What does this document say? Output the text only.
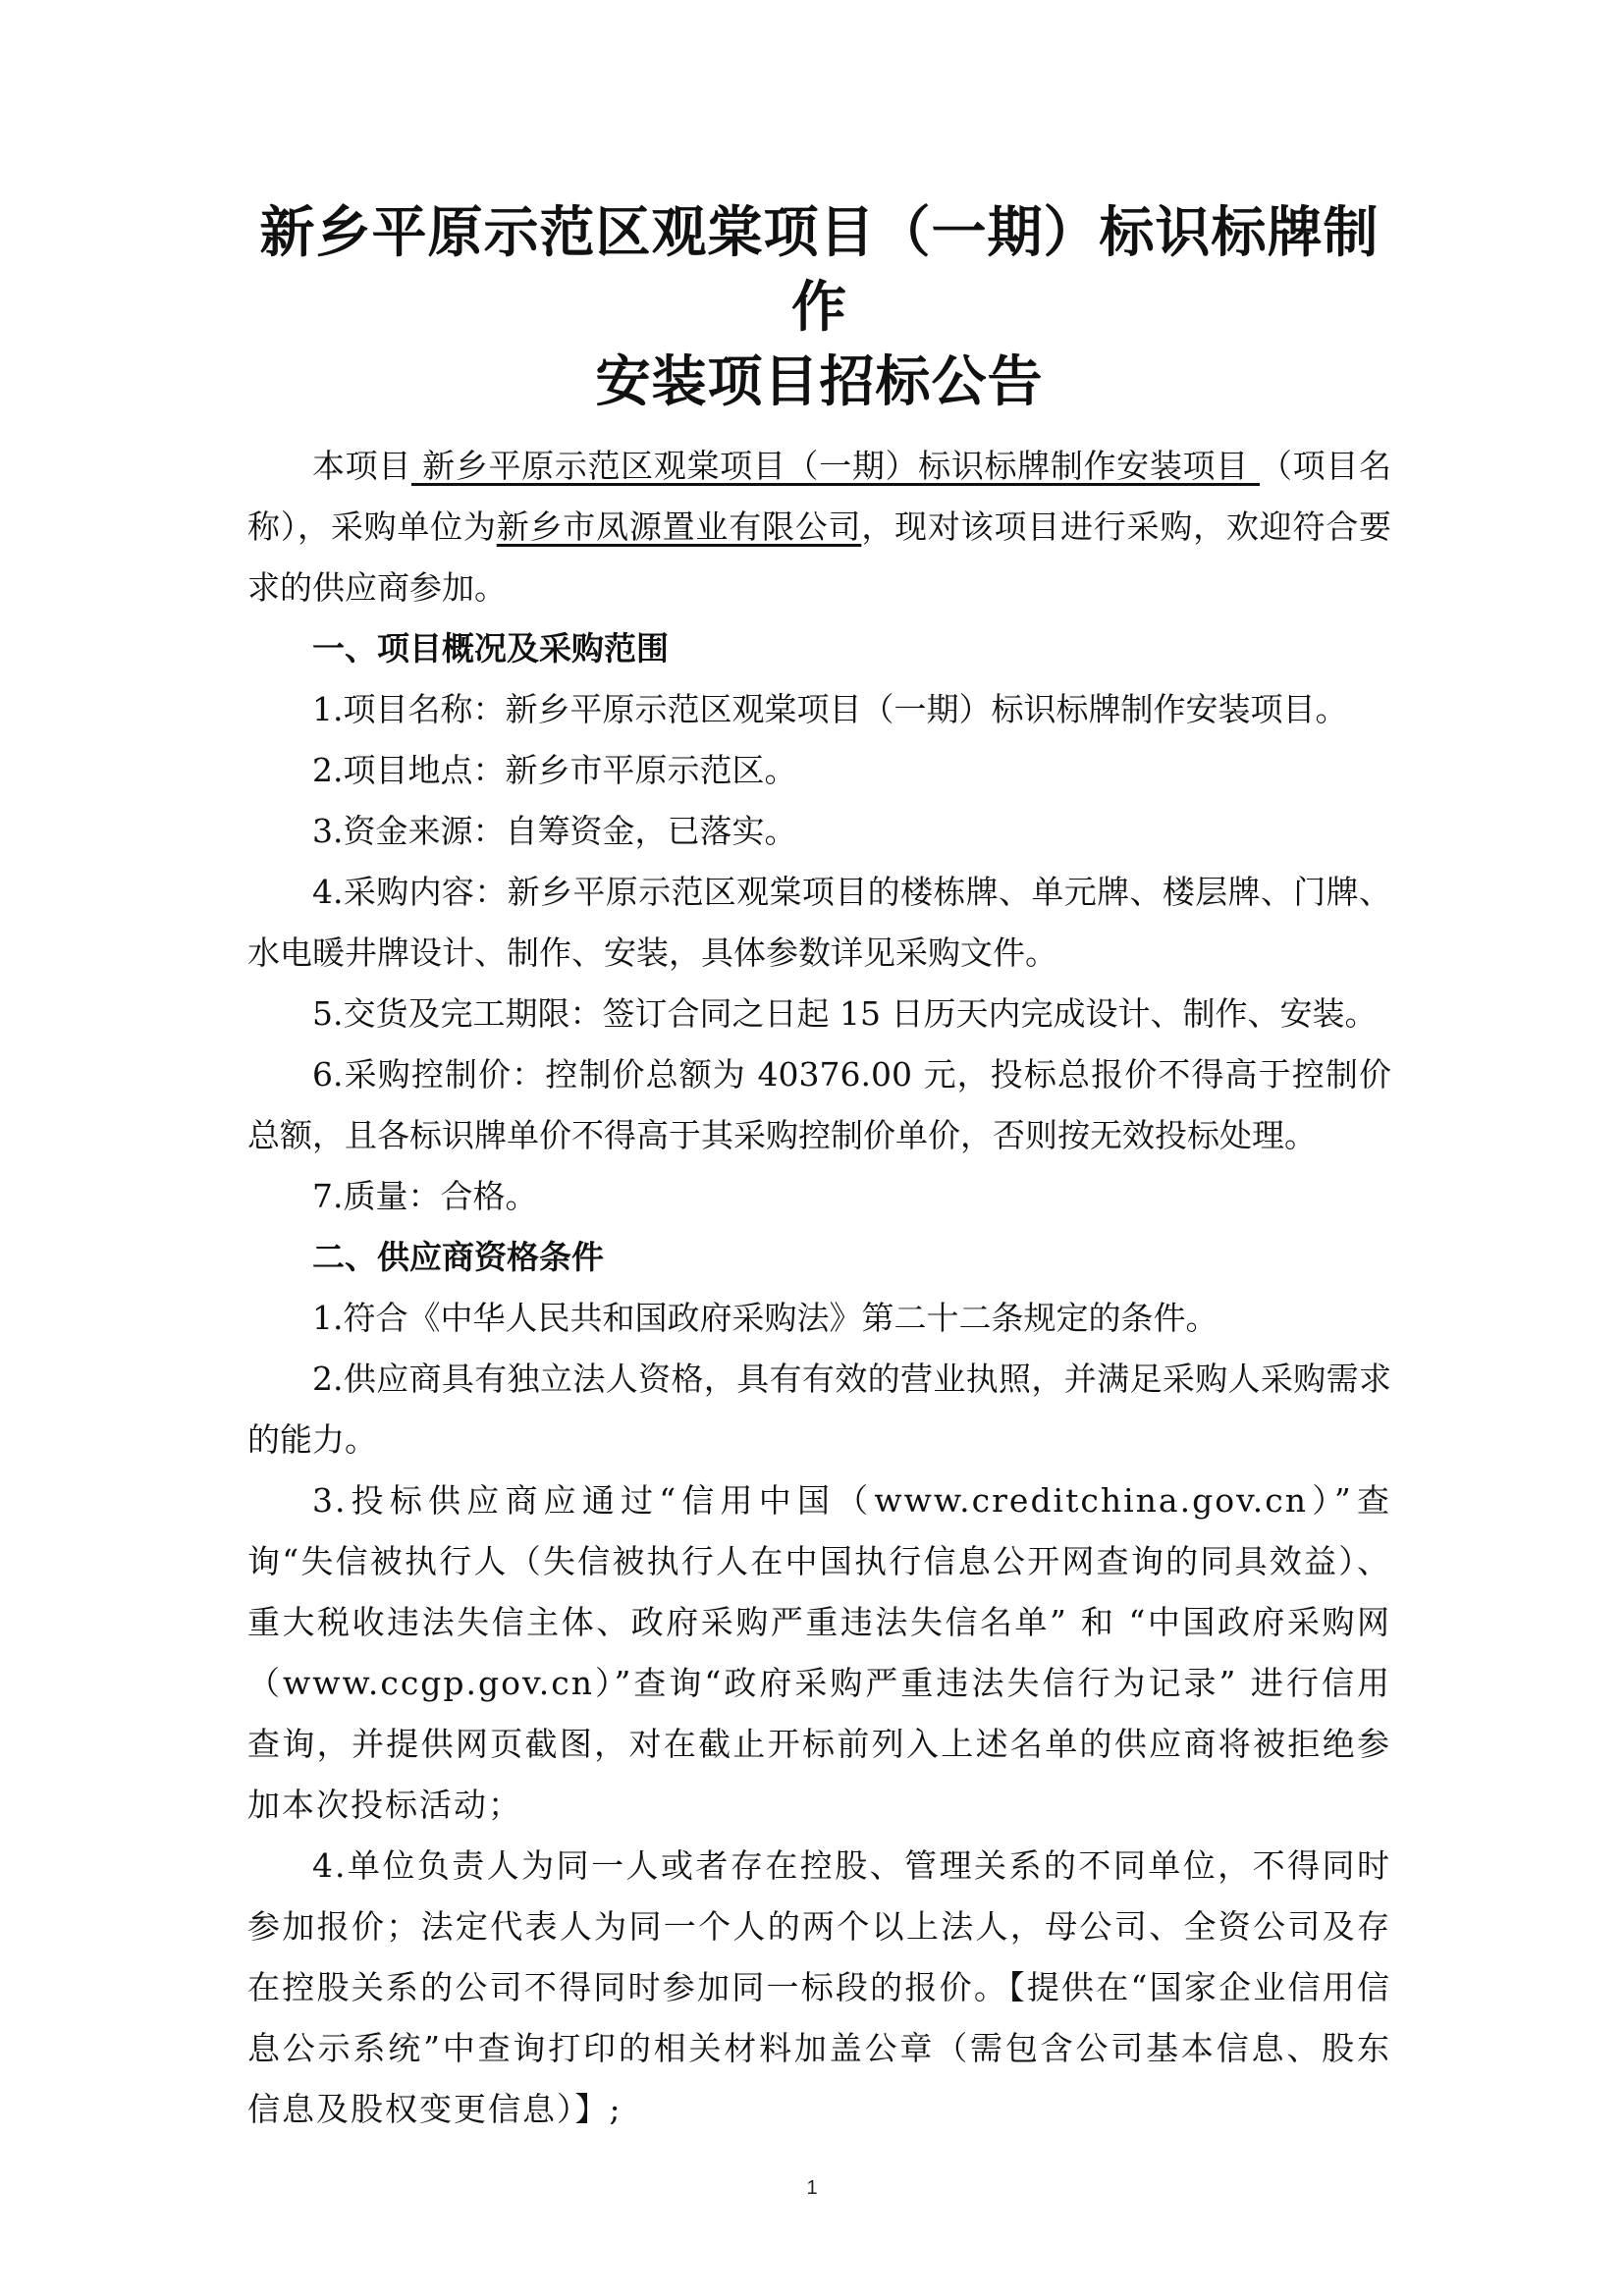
新乡平原示范区观棠项目（一期）标识标牌制作
安装项目招标公告

本项目 新乡平原示范区观棠项目（一期）标识标牌制作安装项目 （项目名称），采购单位为新乡市凤源置业有限公司，现对该项目进行采购，欢迎符合要求的供应商参加。

一、项目概况及采购范围

1.项目名称：新乡平原示范区观棠项目（一期）标识标牌制作安装项目。

2.项目地点：新乡市平原示范区。

3.资金来源：自筹资金，已落实。

4.采购内容：新乡平原示范区观棠项目的楼栋牌、单元牌、楼层牌、门牌、水电暖井牌设计、制作、安装，具体参数详见采购文件。

5.交货及完工期限：签订合同之日起 15 日历天内完成设计、制作、安装。

6.采购控制价：控制价总额为 40376.00 元，投标总报价不得高于控制价总额，且各标识牌单价不得高于其采购控制价单价，否则按无效投标处理。

7.质量：合格。

二、供应商资格条件

1.符合《中华人民共和国政府采购法》第二十二条规定的条件。

2.供应商具有独立法人资格，具有有效的营业执照，并满足采购人采购需求的能力。

3.投标供应商应通过“信用中国（www.creditchina.gov.cn）”查询“失信被执行人（失信被执行人在中国执行信息公开网查询的同具效益）、重大税收违法失信主体、政府采购严重违法失信名单” 和 “中国政府采购网（www.ccgp.gov.cn）”查询“政府采购严重违法失信行为记录” 进行信用查询，并提供网页截图，对在截止开标前列入上述名单的供应商将被拒绝参加本次投标活动；

4.单位负责人为同一人或者存在控股、管理关系的不同单位，不得同时参加报价；法定代表人为同一个人的两个以上法人，母公司、全资公司及存在控股关系的公司不得同时参加同一标段的报价。【提供在“国家企业信用信息公示系统”中查询打印的相关材料加盖公章（需包含公司基本信息、股东信息及股权变更信息）】;

1
